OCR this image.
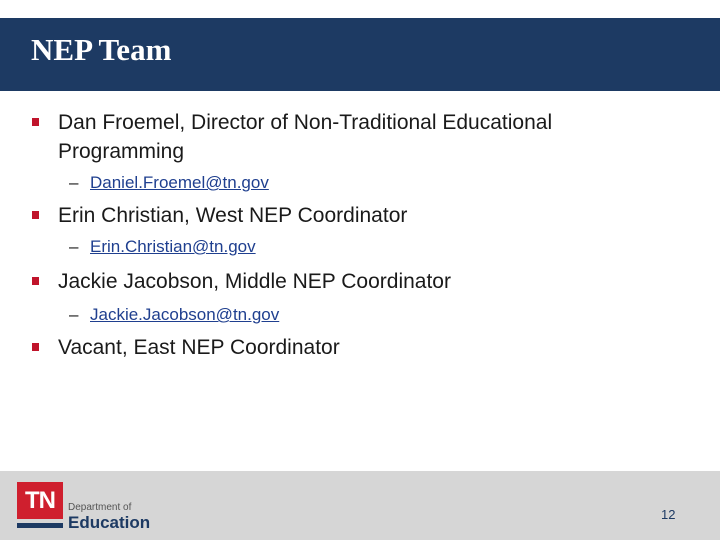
NEP Team
Dan Froemel, Director of Non-Traditional Educational
Programming
– Daniel.Froemel@tn.gov
Erin Christian, West NEP Coordinator
– Erin.Christian@tn.gov
Jackie Jacobson, Middle NEP Coordinator
– Jackie.Jacobson@tn.gov
Vacant, East NEP Coordinator
TN	Department of
Education	12
